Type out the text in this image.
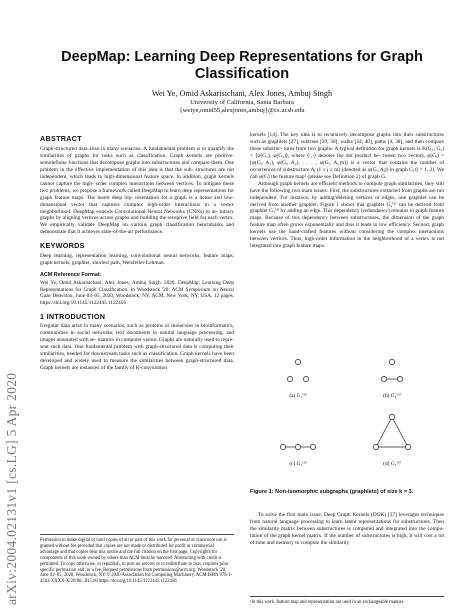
arXiv:2004.02131v1 [cs.LG] 5 Apr 2020
DeepMap: Learning Deep Representations for Graph Classification
Wei Ye, Omid Askarisichani, Alex Jones, Ambuj Singh
University of California, Santa Barbara
{weiye,omid55,alexjones,ambuj}@cs.ucsb.edu
ABSTRACT

Graph-structured data arise in many scenarios. A fundamental problem is to quantify the similarities of graphs for tasks such as classification. Graph kernels are positive-semidefinite functions that decompose graphs into substructures and compare them. One problem in the effective implementation of this idea is that the sub- structures are not independent, which leads to high-dimensional feature space. In addition, graph kernels cannot capture the high- order complex interactions between vertices. To mitigate these two problems, we propose a framework called DeepMap to learn deep representations for graph feature maps. The learnt deep rep- resentation for a graph is a dense and low-dimensional vector that captures complex high-order interactions in a vertex neighborhood. DeepMap extends Convolutional Neural Networks (CNNs) to ar- bitrary graphs by aligning vertices across graphs and building the receptive field for each vertex. We empirically validate DeepMap on various graph classification benchmarks and demonstrate that it achieves state-of-the-art performance.

KEYWORDS

Deep learning, representation learning, convolutional neural networks, feature maps, graph kernels, graphlet, shortest path, Weisfeiler-Lehman.

ACM Reference Format:

Wei Ye, Omid Askarisichani, Alex Jones, Ambuj Singh. 2020. DeepMap: Learning Deep Representations for Graph Classification. In Woodstock '20: ACM Symposium on Neural Gaze Detection, June 03–05, 2020, Woodstock, NY. ACM, New York, NY, USA, 12 pages. https://doi.org/10.1145/1122445.1122456

1 INTRODUCTION

Irregular data arise in many scenarios, such as proteins or molecules in bioinformatics, communities in social networks, text documents in natural language processing, and images annotated with se- mantics in computer vision. Graphs are naturally used to repre- sent such data. One fundamental problem with graph-structured data is computing their similarities, needed for downstream tasks such as classification. Graph kernels have been developed and widely used to measure the similarities between graph-structured data. Graph kernels are instances of the family of R-convolution

Permission to make digital or hard copies of all or part of this work for personal or classroom use is granted without fee provided that copies are not made or distributed for profit or commercial advantage and that copies bear this notice and the full citation on the first page. Copyrights for components of this work owned by others than ACM must be honored. Abstracting with credit is permitted. To copy otherwise, or republish, to post on servers or to redistribute to lists, requires prior specific permission and /or a fee. Request permissions from permissions@acm.org. Woodstock '20, June 03–05, 2020, Woodstock, NY © 2020 Association for Computing Machinery. ACM ISBN 978-1-4503-XXXX-X/20/06...$15.00 https://doi.org/10.1145/1122445.1122456

kernels [14]. The key idea is to recursively decompose graphs into their substructures such as graphlets [27], subtrees [29, 30], walks [34, 40], paths [4, 38], and then compare these substruc- tures from two graphs. A typical definition for graph kernels is K(G₁, G₂) = ⟨φ(G₁), φ(G₂)⟩, where ⟨·,·⟩ denotes the dot product be- tween two vectors, φ(Gᵢ) = [φ(Gᵢ, A₁), φ(Gᵢ, A₂), . . . , φ(Gᵢ, A_m)] is a vector that contains the number of occurrences of substructure Aⱼ (1 ≤ j ≤ m) (denoted as φ(Gᵢ, Aⱼ)) in graph Gᵢ (i = 1, 2). We call φ(G) the feature map¹ (please see Definition 2) of graph G.

Although graph kernels are efficient methods to compute graph similarities, they still have the following two main issues: First, the substructures extracted from graphs are not independent. For instance, by adding/deleting vertices or edges, one graphlet can be derived from another graphlet. Figure 1 shows that graphlet G₄⁽³⁾ can be derived from graphlet G₃⁽³⁾ by adding an edge. This dependency (redundancy) remains in graph feature maps. Because of this dependency between substructures, the dimension of the graph feature map often grows exponentially and thus it leads to low efficiency. Second, graph kernels use the hand-crafted features without considering the complex interactions between vertices. Thus, high-order information in the neighborhood of a vertex is not integrated into graph feature maps.

(a) G₁⁽³⁾	(b) G₂⁽³⁾
(c) G₃⁽³⁾	(d) G₄⁽³⁾

Figure 1: Non-isomorphic subgraphs (graphlets) of size k = 3.

To solve the first main issue, Deep Graph Kernels (DGK) [37] leverages techniques from natural language processing to learn latent representations for substructures. Then the similarity matrix between substructures is computed and integrated into the compu- tation of the graph kernel matrix. If the number of substructures is high, it will cost a lot of time and memory to compute the similarity

¹In this work, feature map and representation are used in an exchangeable manner.
